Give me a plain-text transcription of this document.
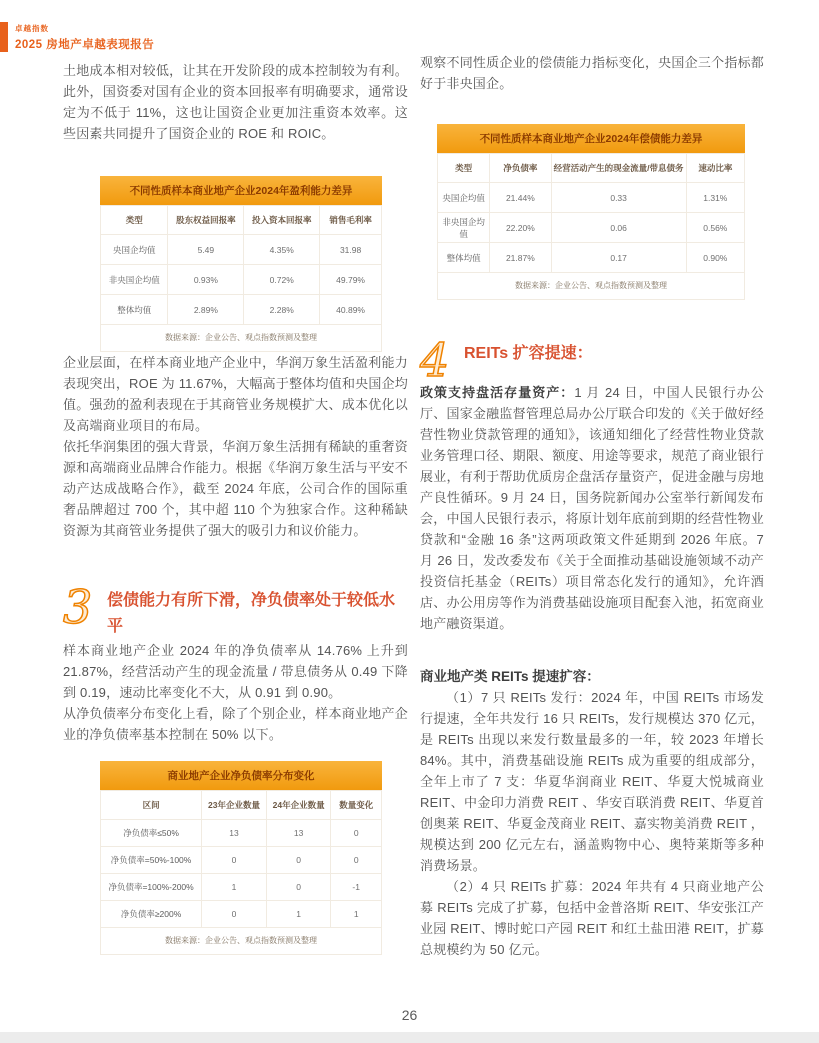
卓越指数
2025 房地产卓越表现报告

土地成本相对较低，让其在开发阶段的成本控制较为有利。此外，国资委对国有企业的资本回报率有明确要求，通常设定为不低于 11%，这也让国资企业更加注重资本效率。这些因素共同提升了国资企业的 ROE 和 ROIC。

不同性质样本商业地产企业2024年盈利能力差异
类型	股东权益回报率	投入资本回报率	销售毛利率
央国企均值	5.49	4.35%	31.98
非央国企均值	0.93%	0.72%	49.79%
整体均值	2.89%	2.28%	40.89%
数据来源：企业公告、观点指数预测及整理

企业层面，在样本商业地产企业中，华润万象生活盈利能力表现突出，ROE 为 11.67%，大幅高于整体均值和央国企均值。强劲的盈利表现在于其商管业务规模扩大、成本优化以及高端商业项目的布局。

依托华润集团的强大背景，华润万象生活拥有稀缺的重奢资源和高端商业品牌合作能力。根据《华润万象生活与平安不动产达成战略合作》，截至 2024 年底，公司合作的国际重奢品牌超过 700 个，其中超 110 个为独家合作。这种稀缺资源为其商管业务提供了强大的吸引力和议价能力。

3 偿债能力有所下滑，净负债率处于较低水平

样本商业地产企业 2024 年的净负债率从 14.76% 上升到 21.87%，经营活动产生的现金流量 / 带息债务从 0.49 下降到 0.19，速动比率变化不大，从 0.91 到 0.90。

从净负债率分布变化上看，除了个别企业，样本商业地产企业的净负债率基本控制在 50% 以下。

商业地产企业净负债率分布变化
区间	23年企业数量	24年企业数量	数量变化
净负债率≤50%	13	13	0
净负债率=50%-100%	0	0	0
净负债率=100%-200%	1	0	-1
净负债率≥200%	0	1	1
数据来源：企业公告、观点指数预测及整理

观察不同性质企业的偿债能力指标变化，央国企三个指标都好于非央国企。

不同性质样本商业地产企业2024年偿债能力差异
类型	净负债率	经营活动产生的现金流量/带息债务	速动比率
央国企均值	21.44%	0.33	1.31%
非央国企均值	22.20%	0.06	0.56%
整体均值	21.87%	0.17	0.90%
数据来源：企业公告、观点指数预测及整理
4 REITs 扩容提速：

政策支持盘活存量资产：1 月 24 日，中国人民银行办公厅、国家金融监督管理总局办公厅联合印发的《关于做好经营性物业贷款管理的通知》，该通知细化了经营性物业贷款业务管理口径、期限、额度、用途等要求，规范了商业银行展业，有利于帮助优质房企盘活存量资产，促进金融与房地产良性循环。9 月 24 日，国务院新闻办公室举行新闻发布会，中国人民银行表示，将原计划年底前到期的经营性物业贷款和“金融 16 条”这两项政策文件延期到 2026 年底。7 月 26 日，发改委发布《关于全面推动基础设施领域不动产投资信托基金（REITs）项目常态化发行的通知》，允许酒店、办公用房等作为消费基础设施项目配套入池，拓宽商业地产融资渠道。

商业地产类 REITs 提速扩容：

（1）7 只 REITs 发行：2024 年，中国 REITs 市场发行提速，全年共发行 16 只 REITs，发行规模达 370 亿元，是 REITs 出现以来发行数量最多的一年，较 2023 年增长 84%。其中，消费基础设施 REITs 成为重要的组成部分，全年上市了 7 支：华夏华润商业 REIT、华夏大悦城商业 REIT、中金印力消费 REIT 、华安百联消费 REIT、华夏首创奥莱 REIT、华夏金茂商业 REIT、嘉实物美消费 REIT ，规模达到 200 亿元左右，涵盖购物中心、奥特莱斯等多种消费场景。

（2）4 只 REITs 扩募：2024 年共有 4 只商业地产公募 REITs 完成了扩募，包括中金普洛斯 REIT、华安张江产业园 REIT、博时蛇口产园 REIT 和红土盐田港 REIT，扩募总规模约为 50 亿元。

26
